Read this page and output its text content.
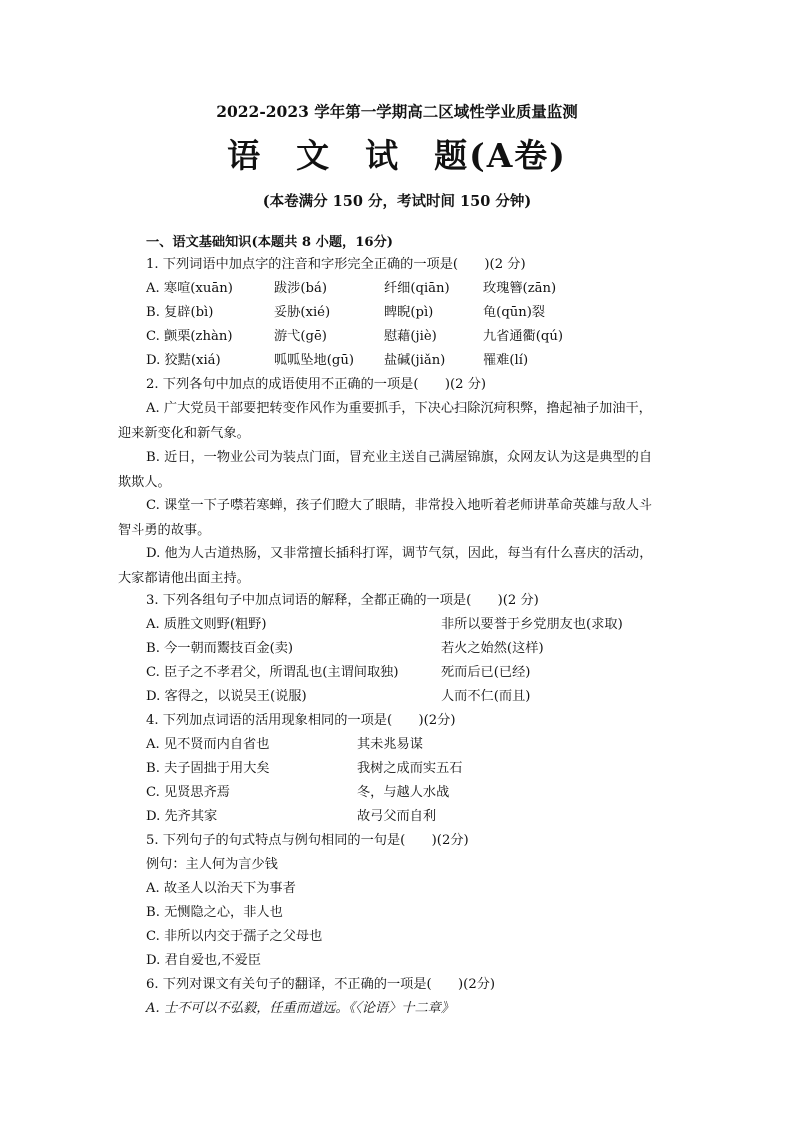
2022-2023 学年第一学期高二区域性学业质量监测
语 文 试 题(A卷)
(本卷满分 150 分，考试时间 150 分钟)
一、语文基础知识(本题共 8 小题，16分)
1. 下列词语中加点字的注音和字形完全正确的一项是(　　)(2 分)
A. 寒喧(xuān)	跋涉(bá)	纤细(qiān)	玫瑰簪(zān)
B. 复辟(bì)	妥胁(xié)	睥睨(pì)	龟(qūn)裂
C. 颤栗(zhàn)	游弋(gē)	慰藉(jiè)	九省通衢(qú)
D. 狡黠(xiá)	呱呱坠地(gū) 盐碱(jiǎn)	罹难(lí)
2. 下列各句中加点的成语使用不正确的一项是(　　)(2 分)
A. 广大党员干部要把转变作风作为重要抓手，下决心扫除沉疴积弊，撸起袖子加油干，迎来新变化和新气象。
B. 近日，一物业公司为装点门面，冒充业主送自己满屋锦旗，众网友认为这是典型的自欺欺人。
C. 课堂一下子噤若寒蝉，孩子们瞪大了眼睛，非常投入地听着老师讲革命英雄与敌人斗智斗勇的故事。
D. 他为人古道热肠，又非常擅长插科打诨，调节气氛，因此，每当有什么喜庆的活动，大家都请他出面主持。
3. 下列各组句子中加点词语的解释，全都正确的一项是(　　)(2 分)
A. 质胜文则野(粗野)	非所以要誉于乡党朋友也(求取)
B. 今一朝而鬻技百金(卖)	若火之始然(这样)
C. 臣子之不孝君父，所谓乱也(主谓间取独)	死而后已(已经)
D. 客得之，以说吴王(说服)	人而不仁(而且)
4. 下列加点词语的活用现象相同的一项是(　　)(2分)
A. 见不贤而内自省也	其未兆易谋
B. 夫子固拙于用大矣	我树之成而实五石
C. 见贤思齐焉	冬，与越人水战
D. 先齐其家	故弓父而自利
5. 下列句子的句式特点与例句相同的一句是(　　)(2分)
例句：主人何为言少钱
A. 故圣人以治天下为事者
B. 无恻隐之心，非人也
C. 非所以内交于孺子之父母也
D. 君自爱也,不爱臣
6. 下列对课文有关句子的翻译，不正确的一项是(　　)(2分)
A. 士不可以不弘毅，任重而道远。《〈论语〉十二章》
